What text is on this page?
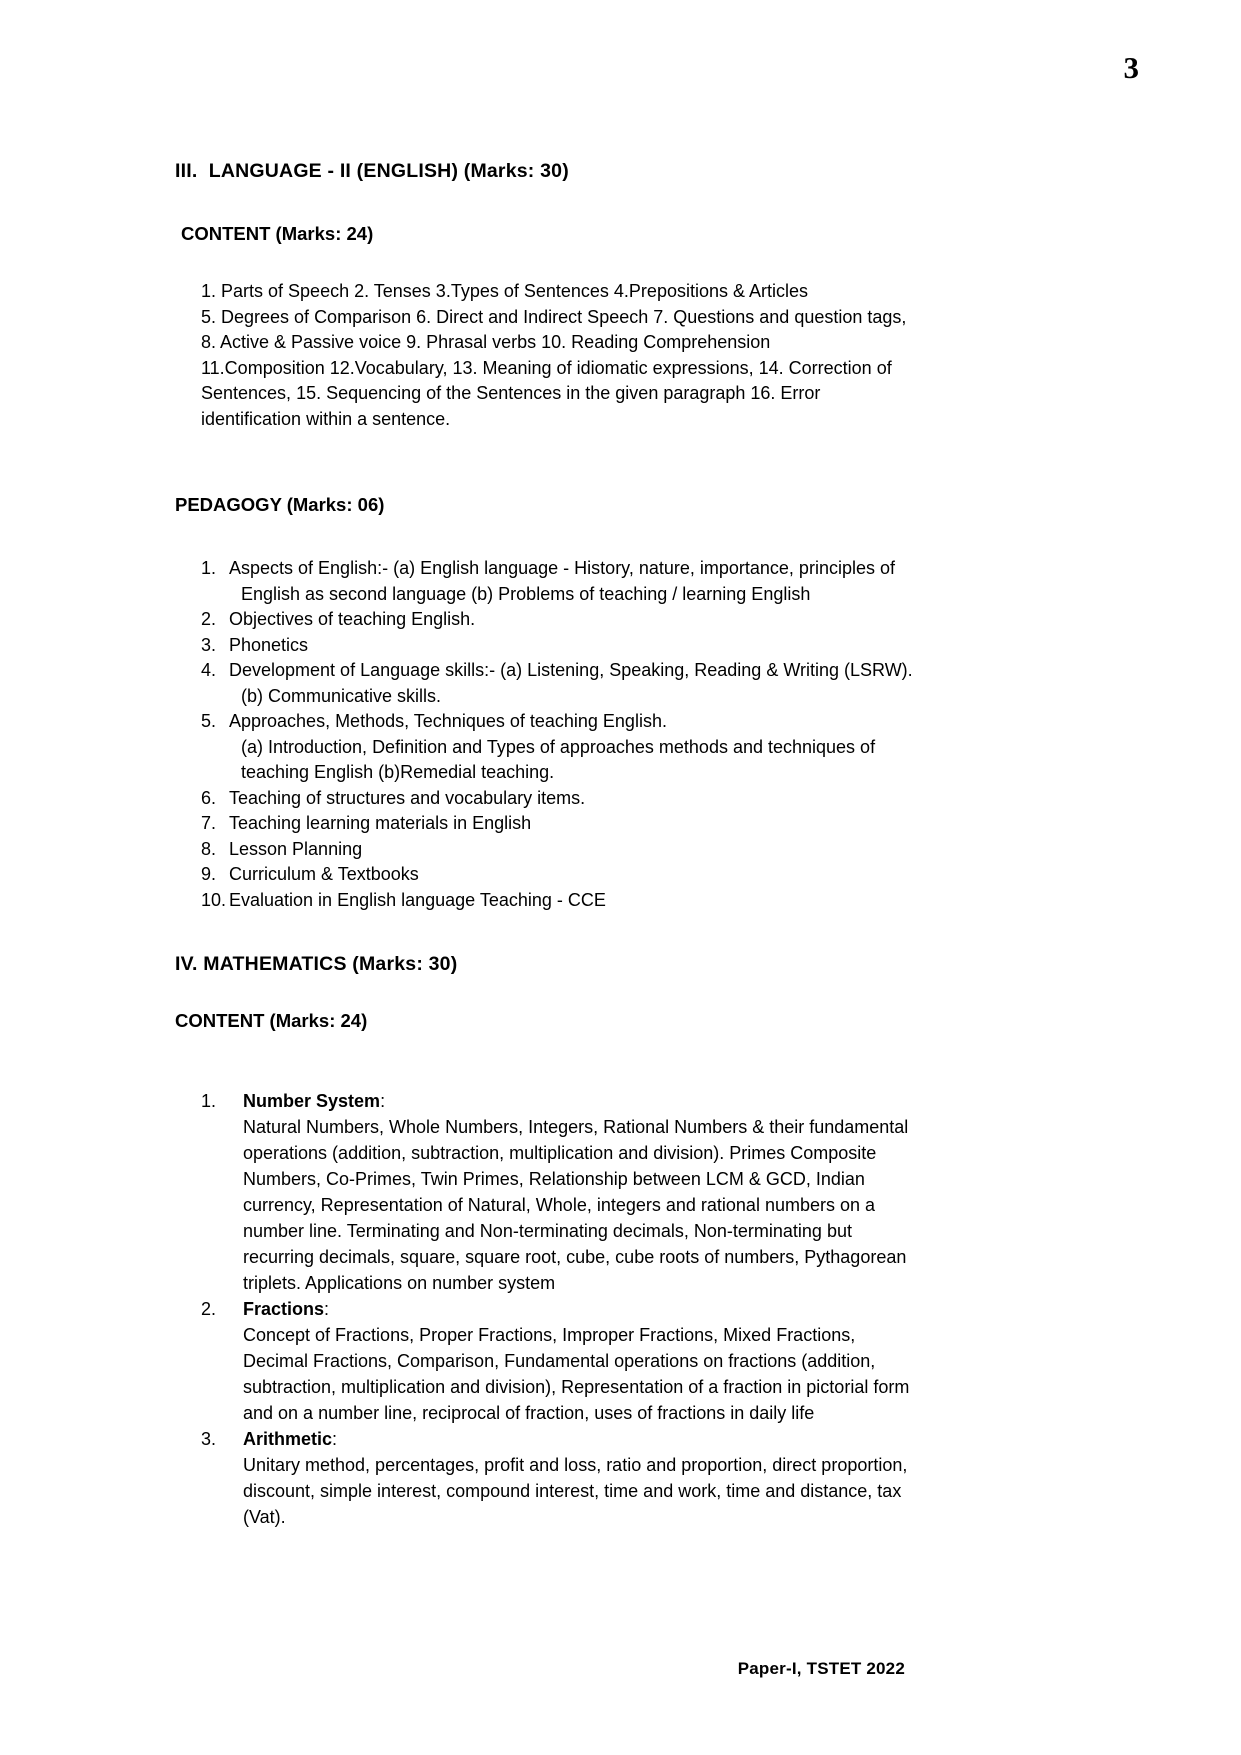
3
III.  LANGUAGE - II (ENGLISH) (Marks: 30)
CONTENT (Marks: 24)
1. Parts of Speech 2. Tenses 3.Types of Sentences 4.Prepositions & Articles
5. Degrees of Comparison 6. Direct and Indirect Speech 7. Questions and question tags,
8. Active & Passive voice 9. Phrasal verbs 10. Reading Comprehension
11.Composition 12.Vocabulary, 13. Meaning of idiomatic expressions, 14. Correction of
Sentences, 15. Sequencing of the Sentences in the given paragraph 16. Error
identification within a sentence.
PEDAGOGY (Marks: 06)
1. Aspects of English:- (a) English language - History, nature, importance, principles of
English as second language (b) Problems of teaching / learning English
2. Objectives of teaching English.
3. Phonetics
4. Development of Language skills:- (a) Listening, Speaking, Reading & Writing (LSRW).
(b) Communicative skills.
5. Approaches, Methods, Techniques of teaching English.
(a) Introduction, Definition and Types of approaches methods and techniques of
teaching English (b)Remedial teaching.
6. Teaching of structures and vocabulary items.
7. Teaching learning materials in English
8. Lesson Planning
9. Curriculum & Textbooks
10. Evaluation in English language Teaching - CCE
IV. MATHEMATICS (Marks: 30)
CONTENT (Marks: 24)
1.	Number System:
Natural Numbers, Whole Numbers, Integers, Rational Numbers & their fundamental
operations (addition, subtraction, multiplication and division). Primes Composite
Numbers, Co-Primes, Twin Primes, Relationship between LCM & GCD, Indian
currency, Representation of Natural, Whole, integers and rational numbers on a
number line. Terminating and Non-terminating decimals, Non-terminating but
recurring decimals, square, square root, cube, cube roots of numbers, Pythagorean
triplets. Applications on number system
2.	Fractions:
Concept of Fractions, Proper Fractions, Improper Fractions, Mixed Fractions,
Decimal Fractions, Comparison, Fundamental operations on fractions (addition,
subtraction, multiplication and division), Representation of a fraction in pictorial form
and on a number line, reciprocal of fraction, uses of fractions in daily life
3.	Arithmetic:
Unitary method, percentages, profit and loss, ratio and proportion, direct proportion,
discount, simple interest, compound interest, time and work, time and distance, tax
(Vat).
Paper-I, TSTET 2022
